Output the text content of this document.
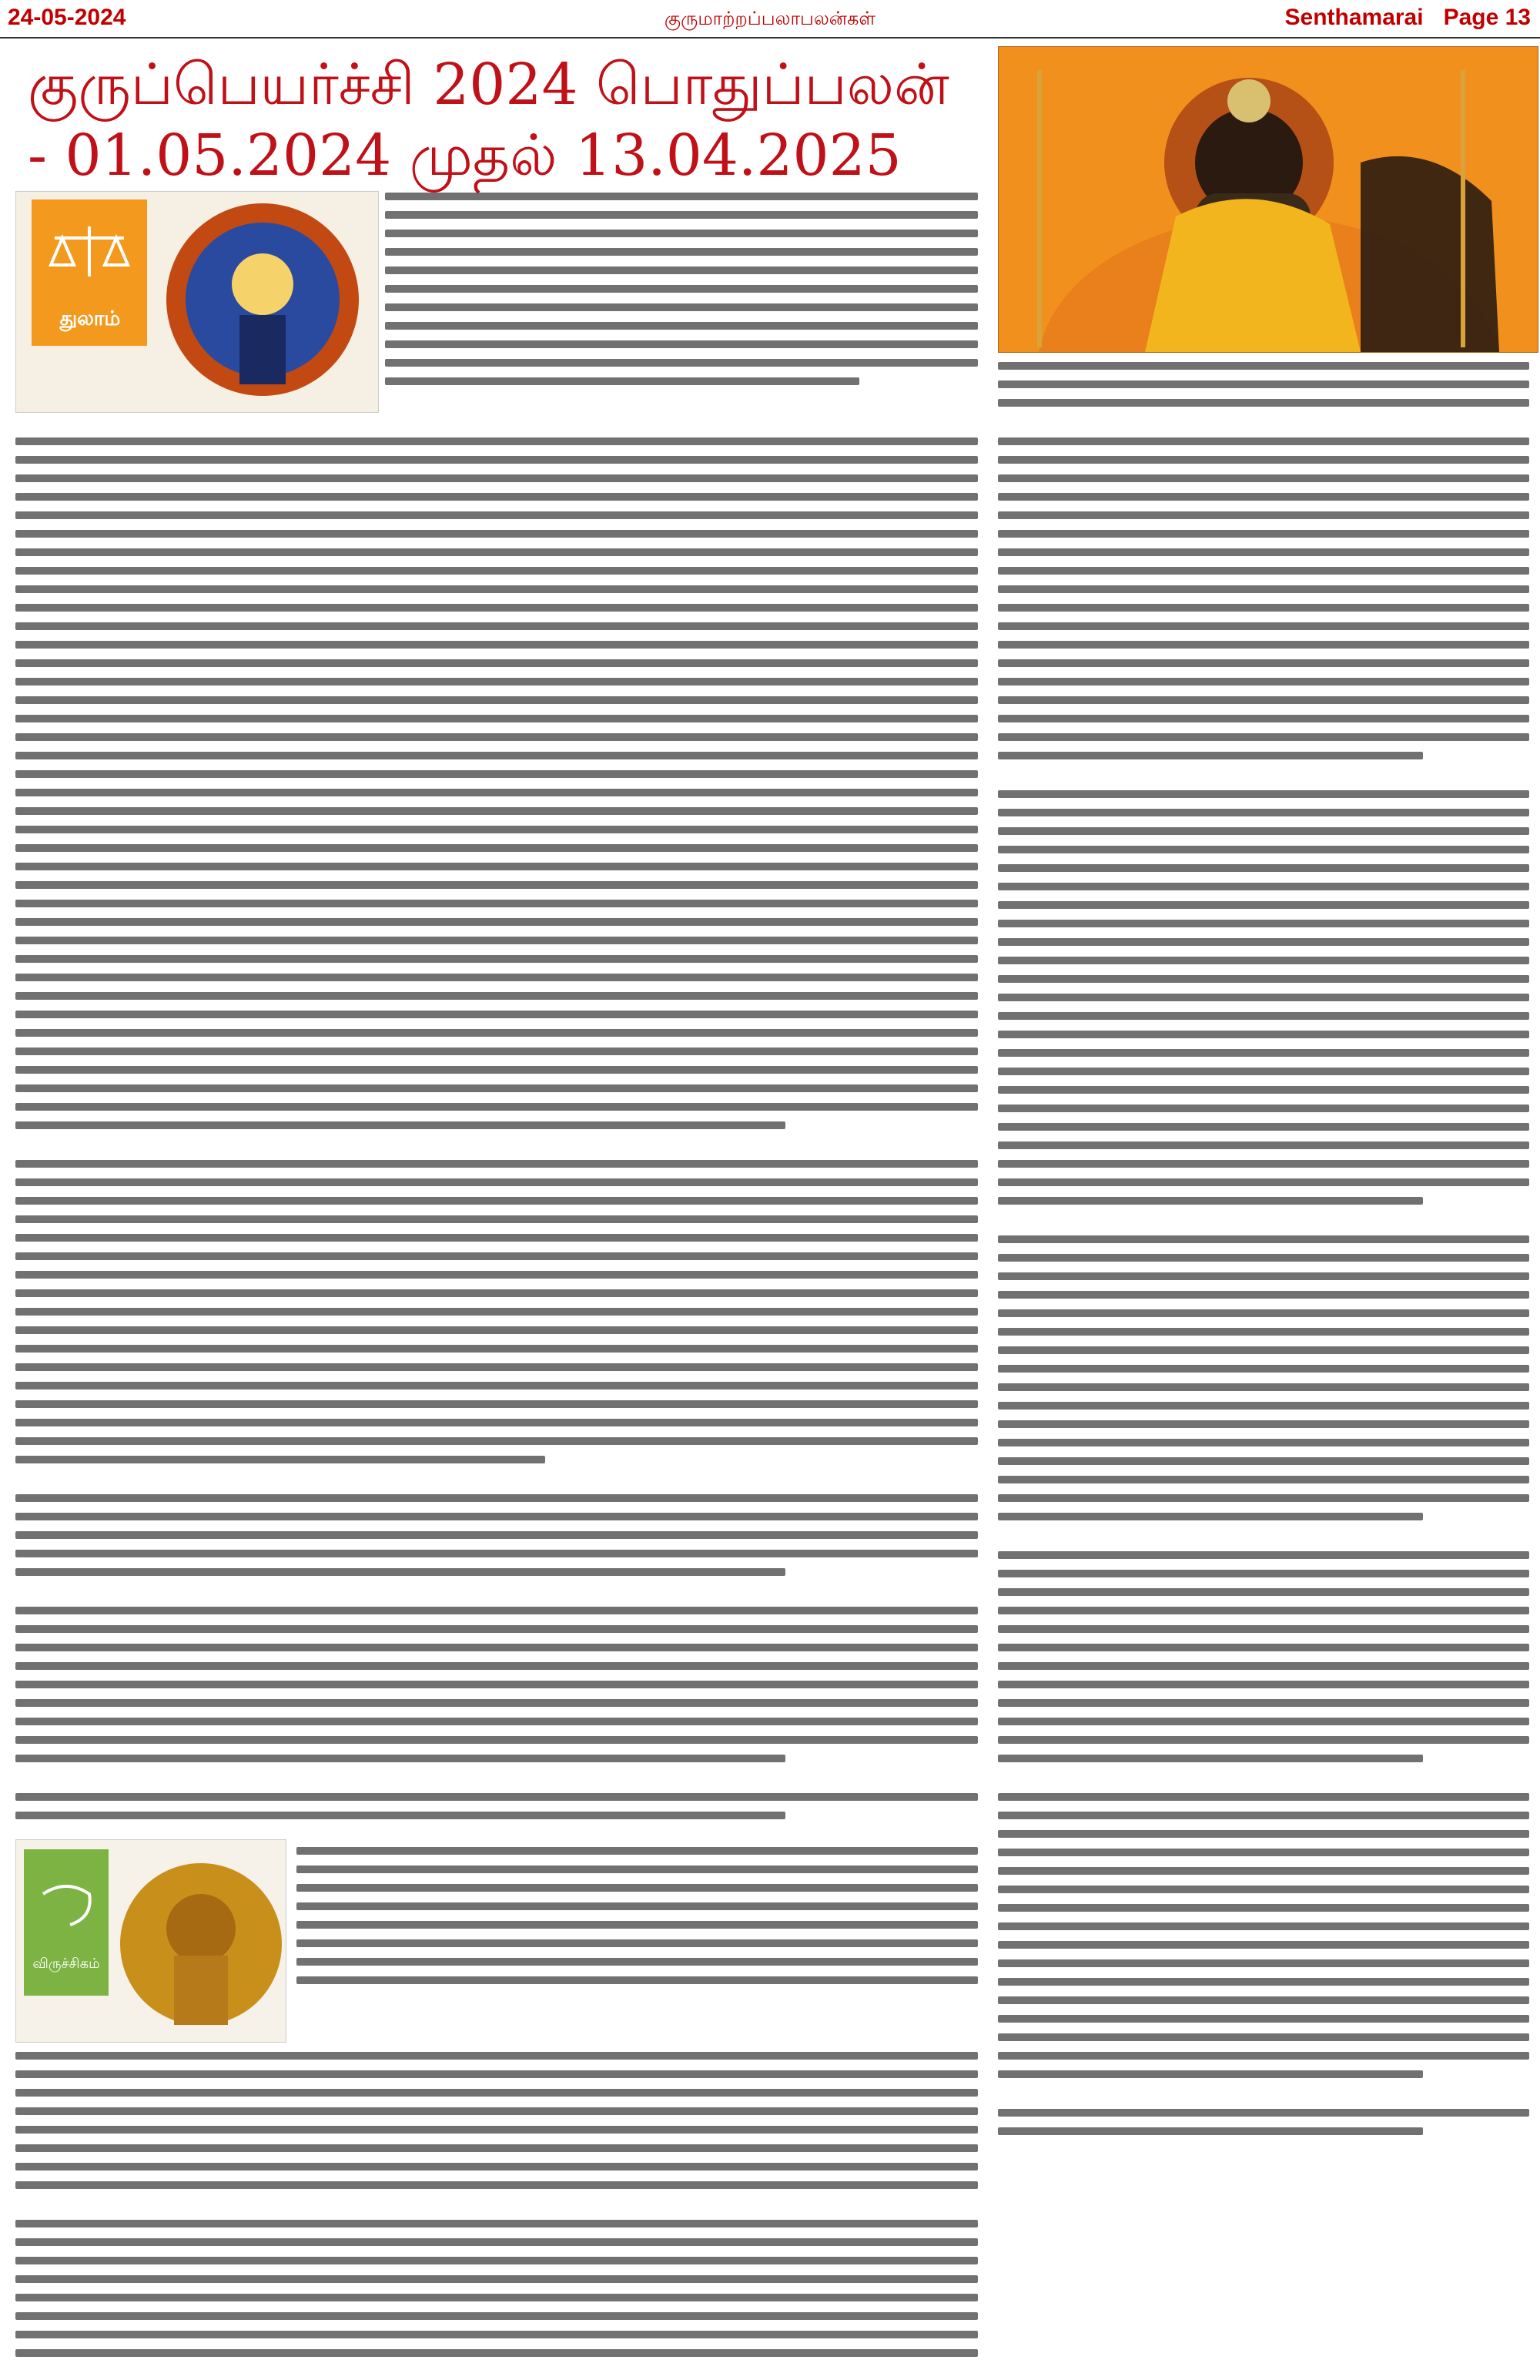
24-05-2024	குருமாற்றப்பலாபலன்கள்	Senthamarai Page 13
குருப்பெயர்ச்சி 2024 பொதுப்பலன் - 01.05.2024 முதல் 13.04.2025
துலாம்
விருச்சிகம்
